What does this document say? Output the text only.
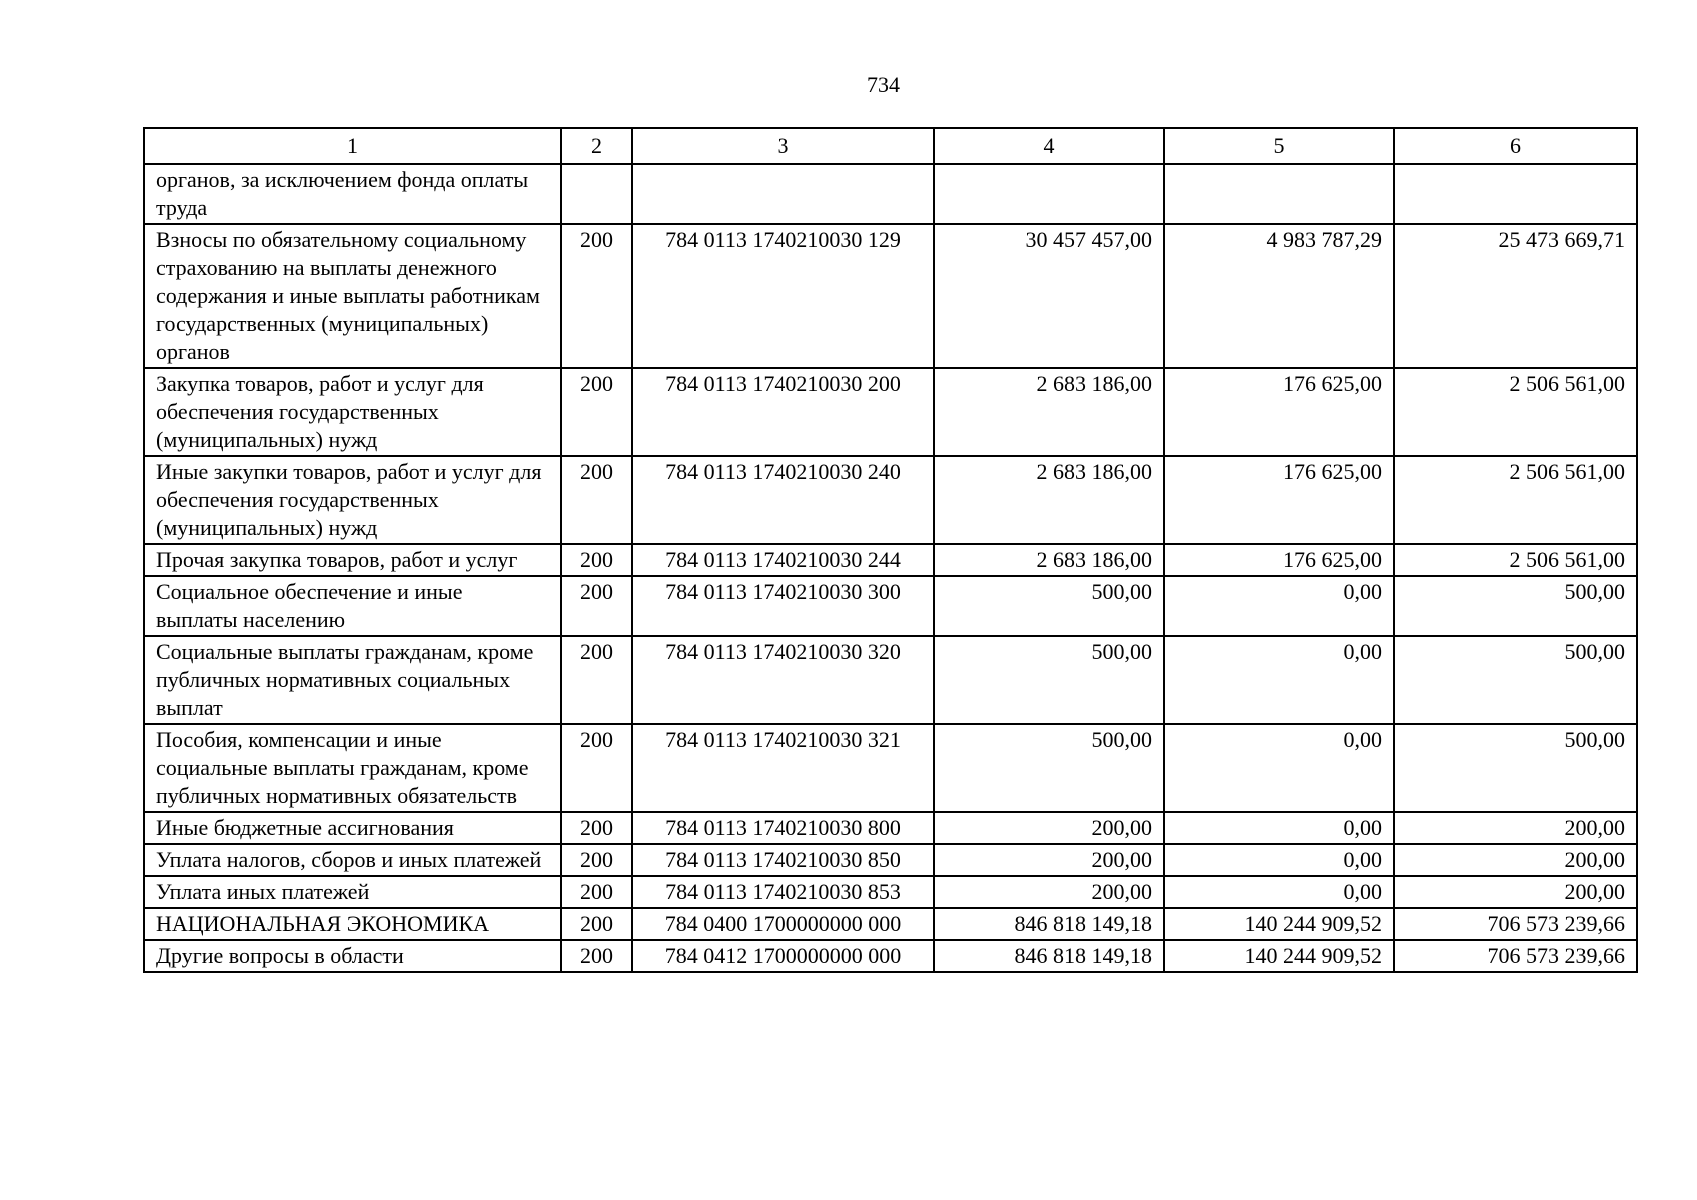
734
1	2	3	4	5	6
органов, за исключением фонда оплаты труда					
Взносы по обязательному социальному страхованию на выплаты денежного содержания и иные выплаты работникам государственных (муниципальных) органов	200	784 0113 1740210030 129	30 457 457,00	4 983 787,29	25 473 669,71
Закупка товаров, работ и услуг для обеспечения государственных (муниципальных) нужд	200	784 0113 1740210030 200	2 683 186,00	176 625,00	2 506 561,00
Иные закупки товаров, работ и услуг для обеспечения государственных (муниципальных) нужд	200	784 0113 1740210030 240	2 683 186,00	176 625,00	2 506 561,00
Прочая закупка товаров, работ и услуг	200	784 0113 1740210030 244	2 683 186,00	176 625,00	2 506 561,00
Социальное обеспечение и иные выплаты населению	200	784 0113 1740210030 300	500,00	0,00	500,00
Социальные выплаты гражданам, кроме публичных нормативных социальных выплат	200	784 0113 1740210030 320	500,00	0,00	500,00
Пособия, компенсации и иные социальные выплаты гражданам, кроме публичных нормативных обязательств	200	784 0113 1740210030 321	500,00	0,00	500,00
Иные бюджетные ассигнования	200	784 0113 1740210030 800	200,00	0,00	200,00
Уплата налогов, сборов и иных платежей	200	784 0113 1740210030 850	200,00	0,00	200,00
Уплата иных платежей	200	784 0113 1740210030 853	200,00	0,00	200,00
НАЦИОНАЛЬНАЯ ЭКОНОМИКА	200	784 0400 1700000000 000	846 818 149,18	140 244 909,52	706 573 239,66
Другие вопросы в области	200	784 0412 1700000000 000	846 818 149,18	140 244 909,52	706 573 239,66
